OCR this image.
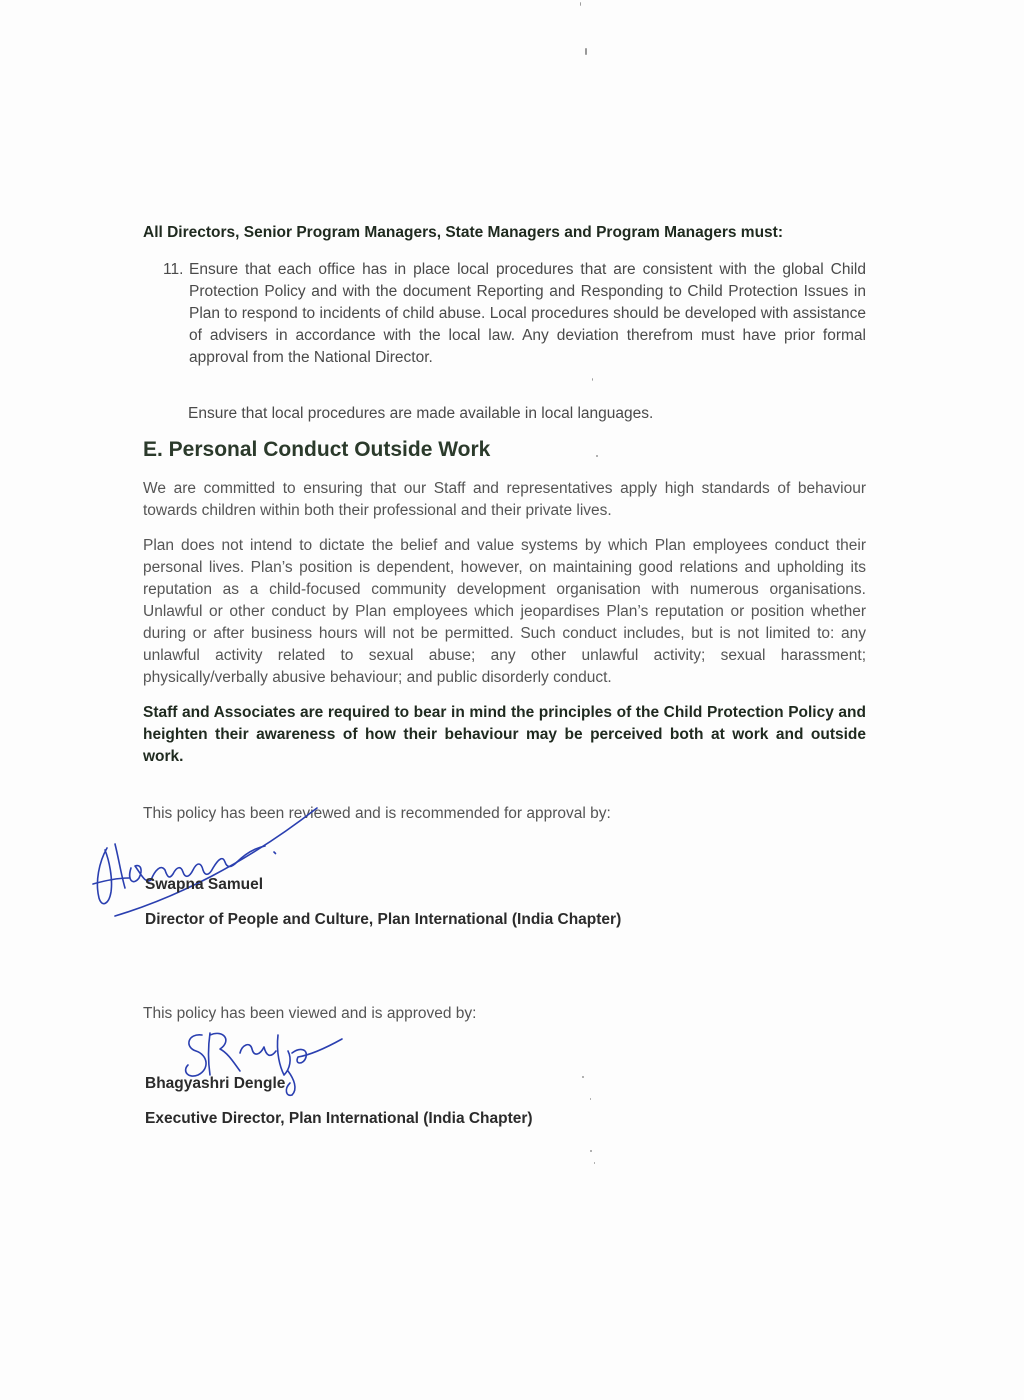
All Directors, Senior Program Managers, State Managers and Program Managers must:

11. Ensure that each office has in place local procedures that are consistent with the global Child Protection Policy and with the document Reporting and Responding to Child Protection Issues in Plan to respond to incidents of child abuse. Local procedures should be developed with assistance of advisers in accordance with the local law. Any deviation therefrom must have prior formal approval from the National Director.

Ensure that local procedures are made available in local languages.

E. Personal Conduct Outside Work

We are committed to ensuring that our Staff and representatives apply high standards of behaviour towards children within both their professional and their private lives.

Plan does not intend to dictate the belief and value systems by which Plan employees conduct their personal lives. Plan’s position is dependent, however, on maintaining good relations and upholding its reputation as a child-focused community development organisation with numerous organisations. Unlawful or other conduct by Plan employees which jeopardises Plan’s reputation or position whether during or after business hours will not be permitted. Such conduct includes, but is not limited to: any unlawful activity related to sexual abuse; any other unlawful activity; sexual harassment; physically/verbally abusive behaviour; and public disorderly conduct.

Staff and Associates are required to bear in mind the principles of the Child Protection Policy and heighten their awareness of how their behaviour may be perceived both at work and outside work.

This policy has been reviewed and is recommended for approval by:

Swapna Samuel

Director of People and Culture, Plan International (India Chapter)

This policy has been viewed and is approved by:

Bhagyashri Dengle

Executive Director, Plan International (India Chapter)
